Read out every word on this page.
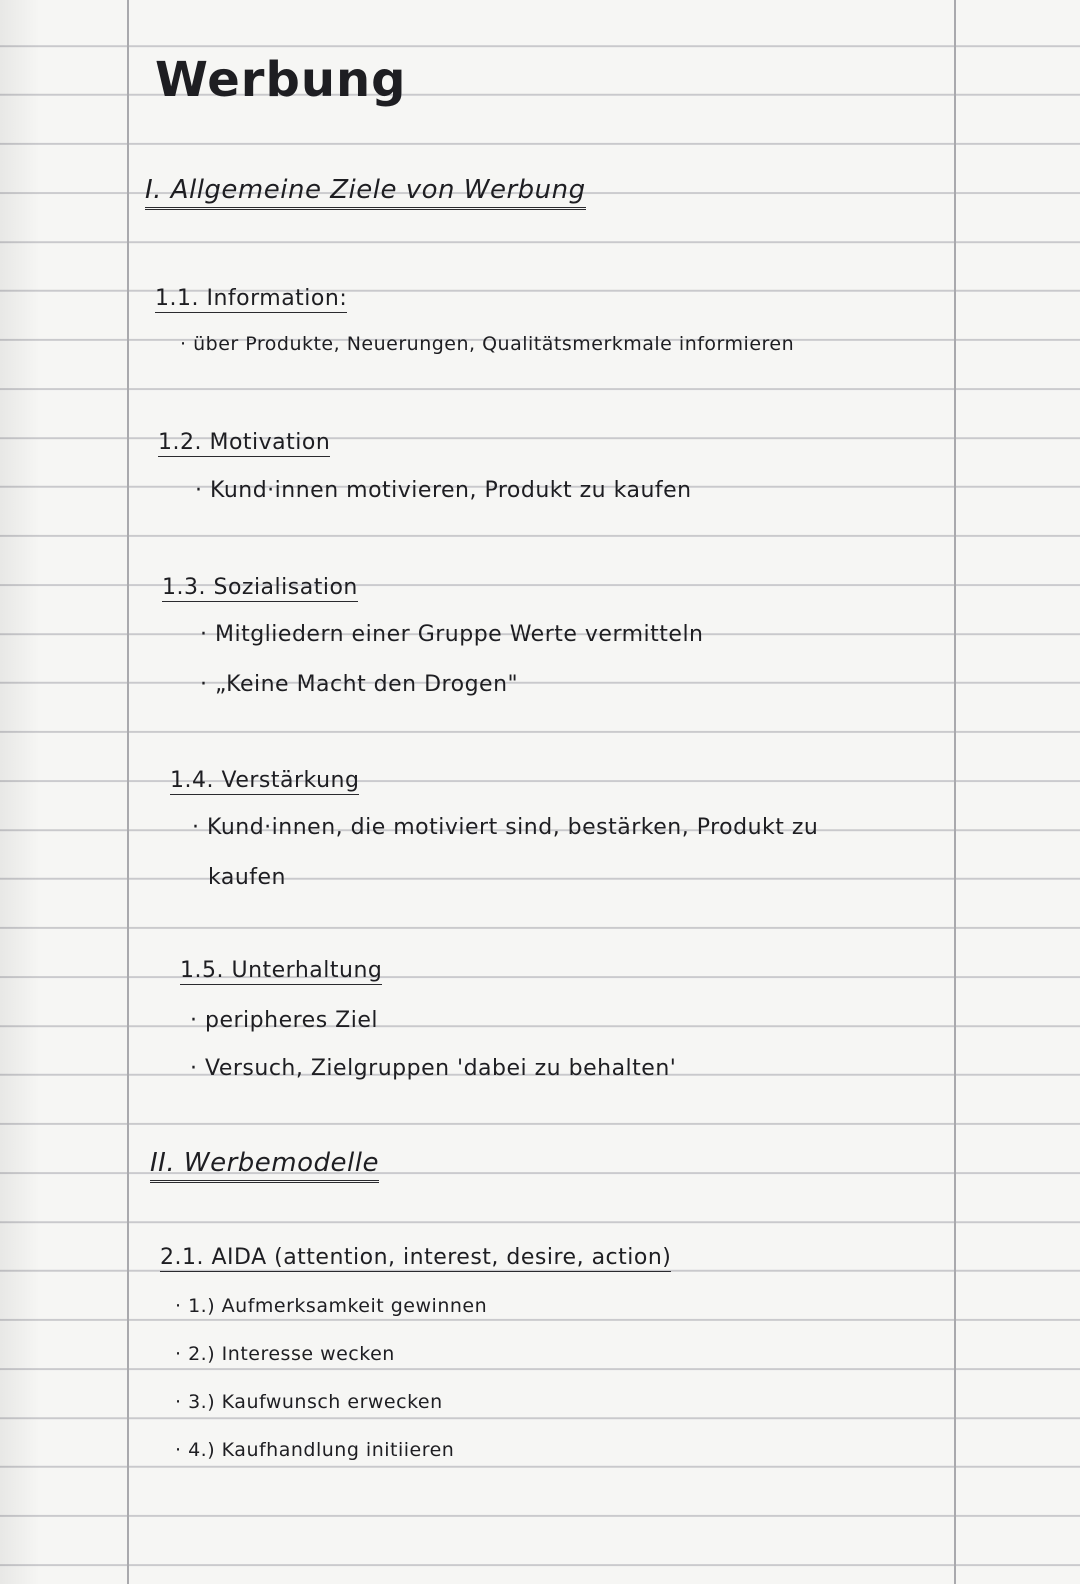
Werbung
I. Allgemeine Ziele von Werbung
1.1. Information:
· über Produkte, Neuerungen, Qualitätsmerkmale informieren
1.2. Motivation
· Kund·innen motivieren, Produkt zu kaufen
1.3. Sozialisation
· Mitgliedern einer Gruppe Werte vermitteln
· „Keine Macht den Drogen"
1.4. Verstärkung
· Kund·innen, die motiviert sind, bestärken, Produkt zu
kaufen
1.5. Unterhaltung
· peripheres Ziel
· Versuch, Zielgruppen 'dabei zu behalten'
II. Werbemodelle
2.1. AIDA (attention, interest, desire, action)
· 1.) Aufmerksamkeit gewinnen
· 2.) Interesse wecken
· 3.) Kaufwunsch erwecken
· 4.) Kaufhandlung initiieren
